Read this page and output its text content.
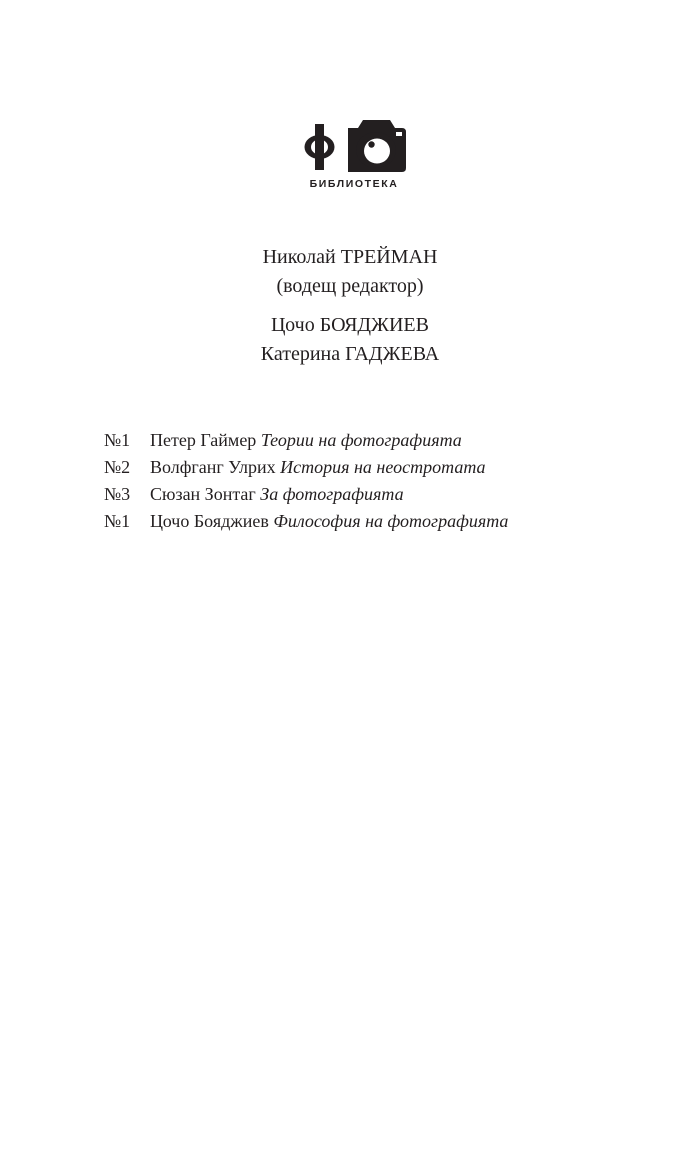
БИБЛИОТЕКА
Николай ТРЕЙМАН
(водещ редактор)
Цочо БОЯДЖИЕВ
Катерина ГАДЖЕВА
№1 Петер Гаймер Теории на фотографията
№2 Волфганг Улрих История на неостротата
№3 Сюзан Зонтаг За фотографията
№1 Цочо Бояджиев Философия на фотографията
